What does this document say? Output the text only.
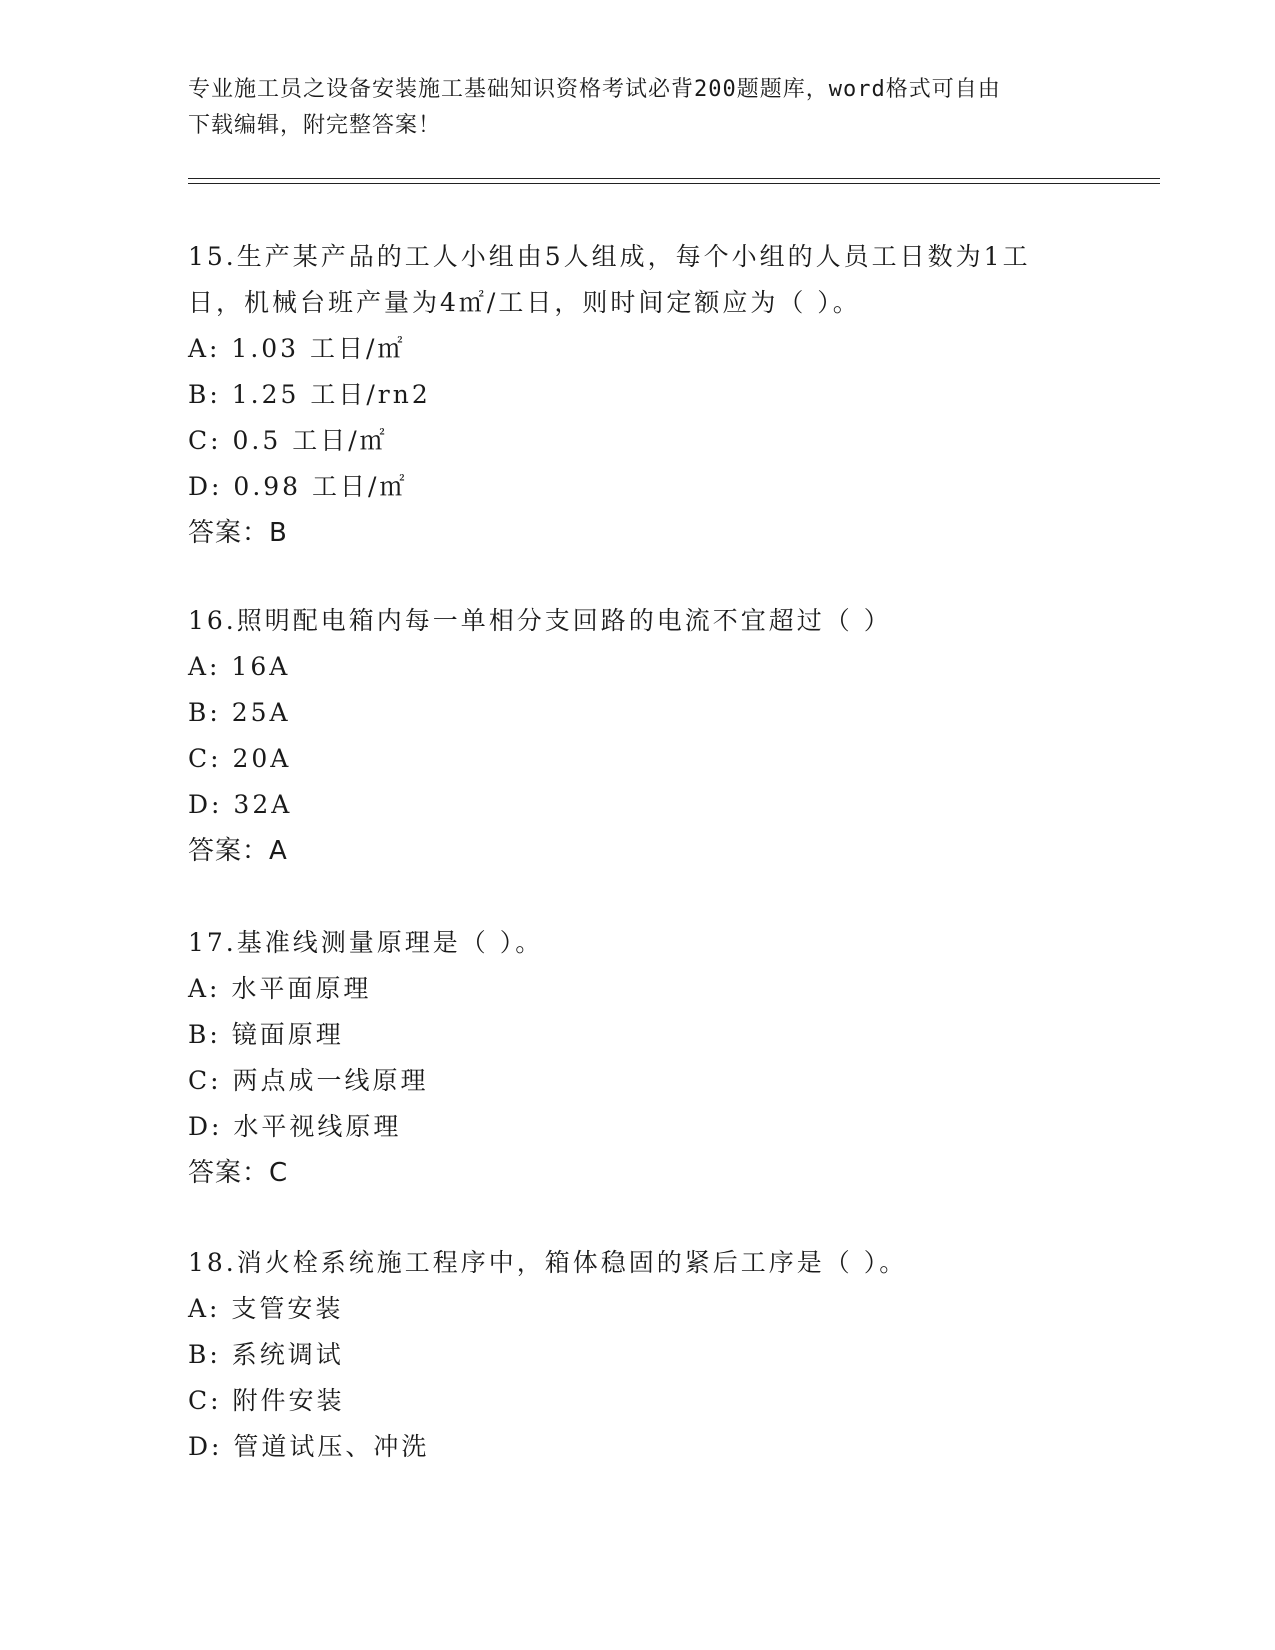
专业施工员之设备安装施工基础知识资格考试必背200题题库，word格式可自由
下载编辑，附完整答案！
15.生产某产品的工人小组由5人组成，每个小组的人员工日数为1工
日，机械台班产量为4㎡/工日，则时间定额应为（ ）。
A: 1.03 工日/㎡
B: 1.25 工日/rn2
C: 0.5 工日/㎡
D: 0.98 工日/㎡
答案：B
16.照明配电箱内每一单相分支回路的电流不宜超过（ ）
A: 16A
B: 25A
C: 20A
D: 32A
答案：A
17.基准线测量原理是（ ）。
A: 水平面原理
B: 镜面原理
C: 两点成一线原理
D: 水平视线原理
答案：C
18.消火栓系统施工程序中，箱体稳固的紧后工序是（ ）。
A: 支管安装
B: 系统调试
C: 附件安装
D: 管道试压、冲洗
